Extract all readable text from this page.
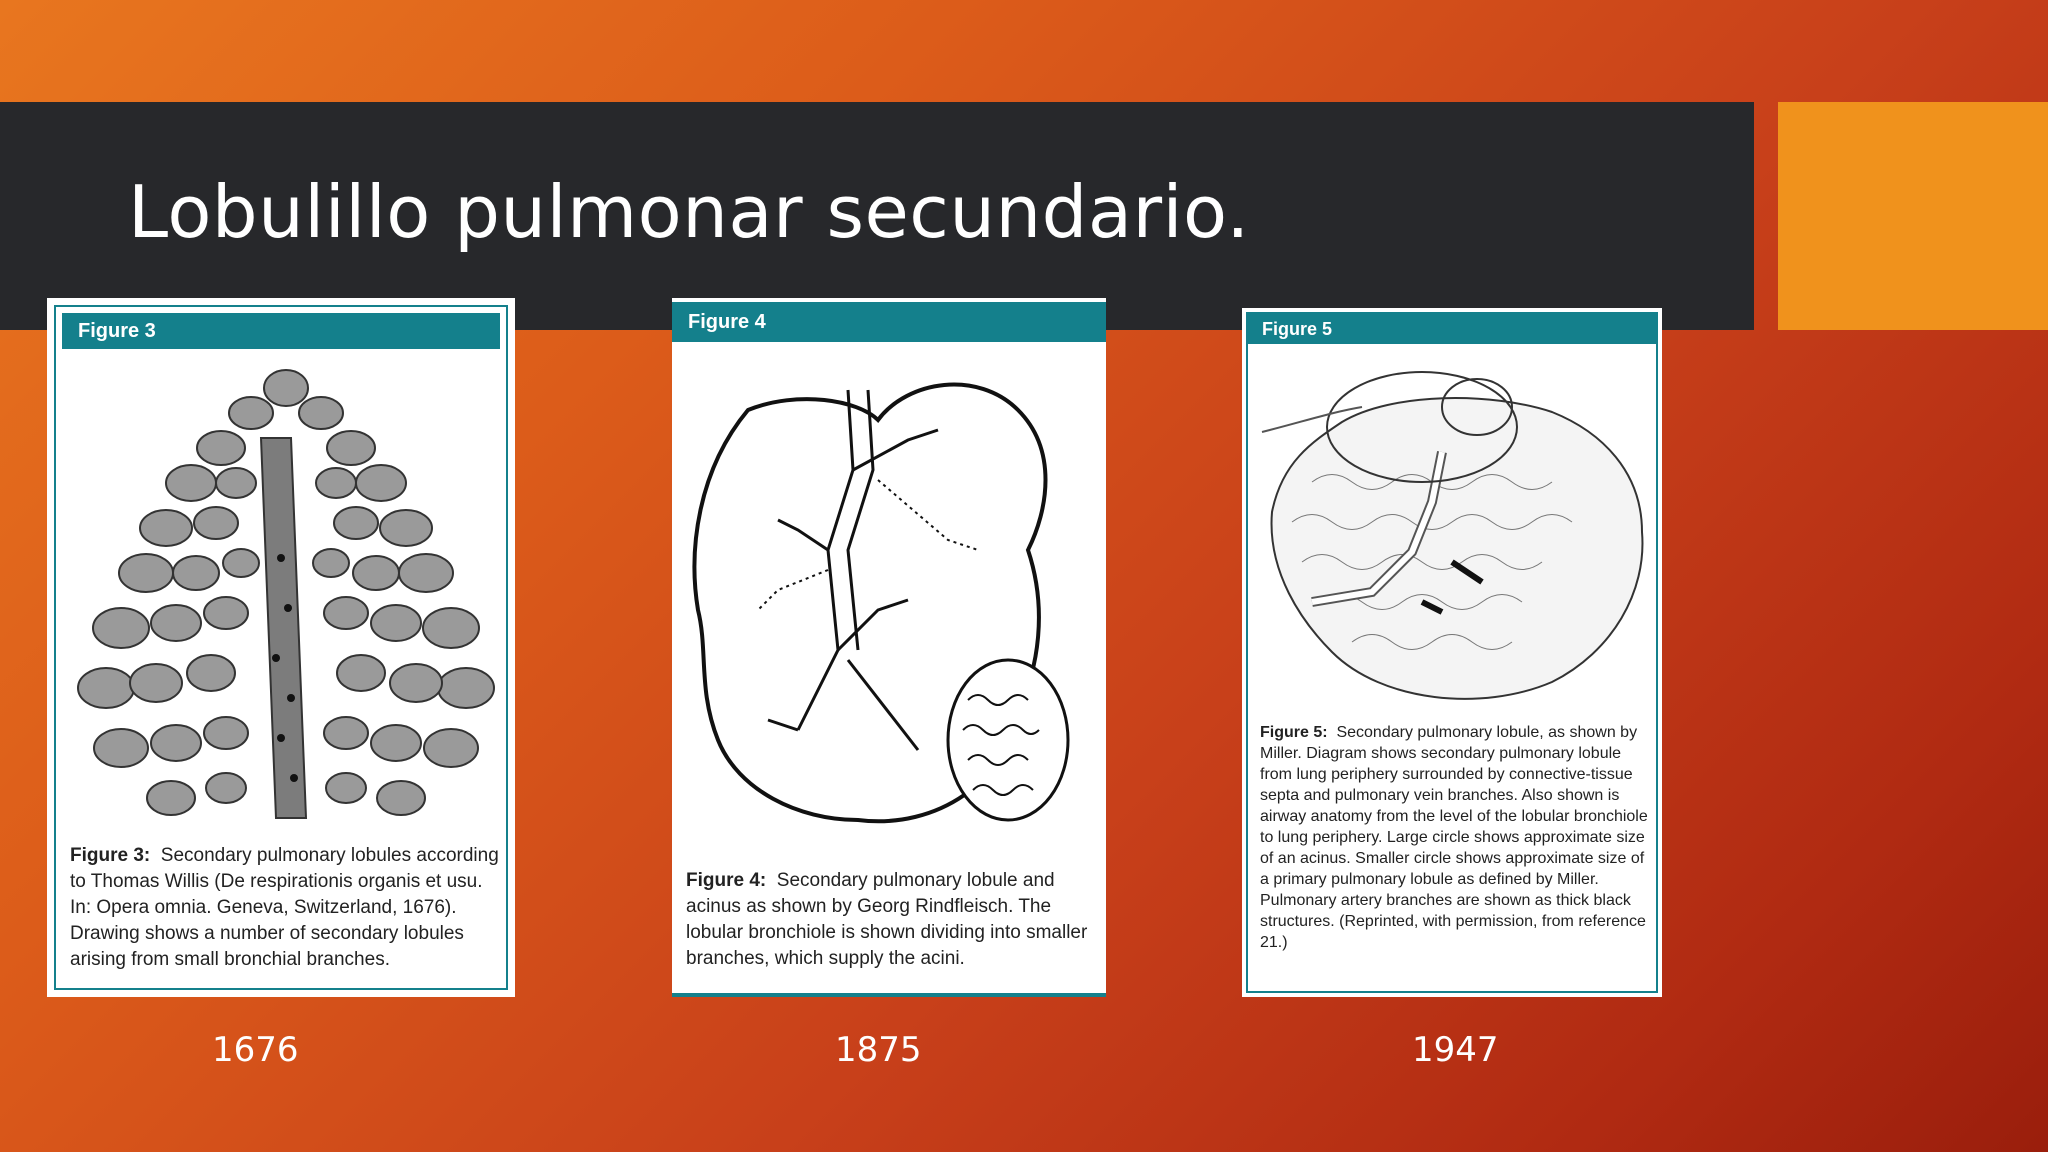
Lobulillo pulmonar secundario.
Figure 3
Figure 3: Secondary pulmonary lobules according to Thomas Willis (De respirationis organis et usu. In: Opera omnia. Geneva, Switzerland, 1676). Drawing shows a number of secondary lobules arising from small bronchial branches.
Figure 4
Figure 4: Secondary pulmonary lobule and acinus as shown by Georg Rindfleisch. The lobular bronchiole is shown dividing into smaller branches, which supply the acini.
Figure 5
Figure 5: Secondary pulmonary lobule, as shown by Miller. Diagram shows secondary pulmonary lobule from lung periphery surrounded by connective-tissue septa and pulmonary vein branches. Also shown is airway anatomy from the level of the lobular bronchiole to lung periphery. Large circle shows approximate size of an acinus. Smaller circle shows approximate size of a primary pulmonary lobule as defined by Miller. Pulmonary artery branches are shown as thick black structures. (Reprinted, with permission, from reference 21.)
1676	1875	1947
